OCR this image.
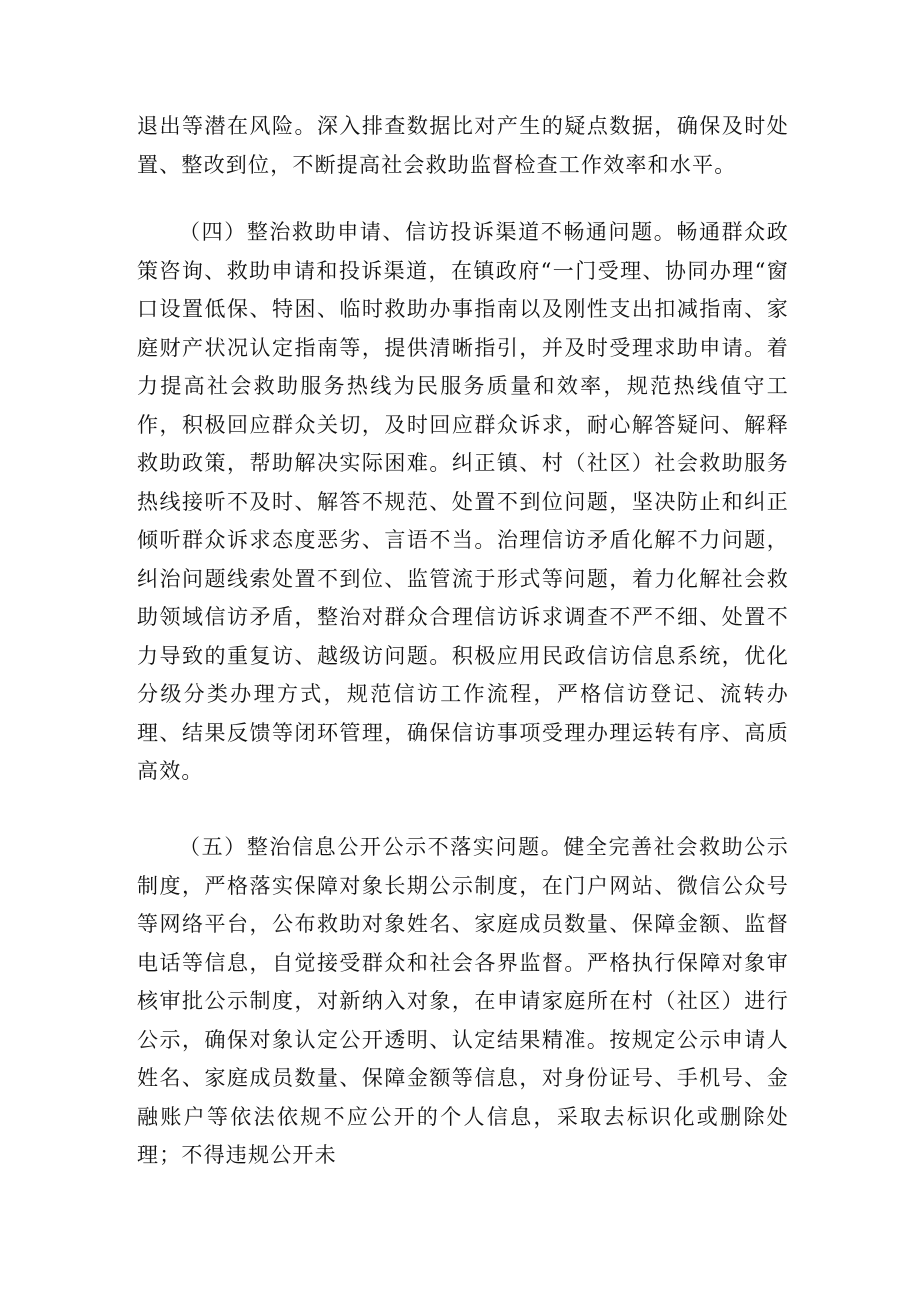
退出等潜在风险。深入排查数据比对产生的疑点数据，确保及时处置、整改到位，不断提高社会救助监督检查工作效率和水平。

（四）整治救助申请、信访投诉渠道不畅通问题。畅通群众政策咨询、救助申请和投诉渠道，在镇政府“一门受理、协同办理“窗口设置低保、特困、临时救助办事指南以及刚性支出扣减指南、家庭财产状况认定指南等，提供清晰指引，并及时受理求助申请。着力提高社会救助服务热线为民服务质量和效率，规范热线值守工作，积极回应群众关切，及时回应群众诉求，耐心解答疑问、解释救助政策，帮助解决实际困难。纠正镇、村（社区）社会救助服务热线接听不及时、解答不规范、处置不到位问题，坚决防止和纠正倾听群众诉求态度恶劣、言语不当。治理信访矛盾化解不力问题，纠治问题线索处置不到位、监管流于形式等问题，着力化解社会救助领域信访矛盾，整治对群众合理信访诉求调查不严不细、处置不力导致的重复访、越级访问题。积极应用民政信访信息系统，优化分级分类办理方式，规范信访工作流程，严格信访登记、流转办理、结果反馈等闭环管理，确保信访事项受理办理运转有序、高质高效。

（五）整治信息公开公示不落实问题。健全完善社会救助公示制度，严格落实保障对象长期公示制度，在门户网站、微信公众号等网络平台，公布救助对象姓名、家庭成员数量、保障金额、监督电话等信息，自觉接受群众和社会各界监督。严格执行保障对象审核审批公示制度，对新纳入对象，在申请家庭所在村（社区）进行公示，确保对象认定公开透明、认定结果精准。按规定公示申请人姓名、家庭成员数量、保障金额等信息，对身份证号、手机号、金融账户等依法依规不应公开的个人信息，采取去标识化或删除处理；不得违规公开未
